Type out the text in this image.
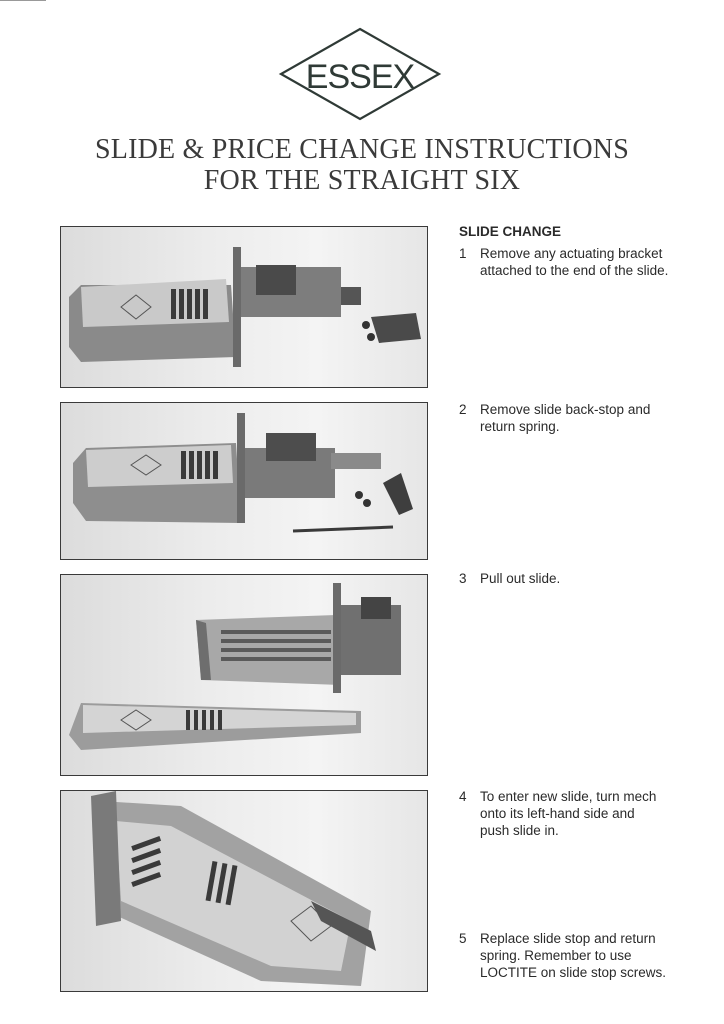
ESSEX
SLIDE & PRICE CHANGE INSTRUCTIONS
FOR THE STRAIGHT SIX
SLIDE CHANGE
1 Remove any actuating bracket attached to the end of the slide.
2 Remove slide back-stop and return spring.
3 Pull out slide.
4 To enter new slide, turn mech onto its left-hand side and push slide in.
5 Replace slide stop and return spring. Remember to use LOCTITE on slide stop screws.
